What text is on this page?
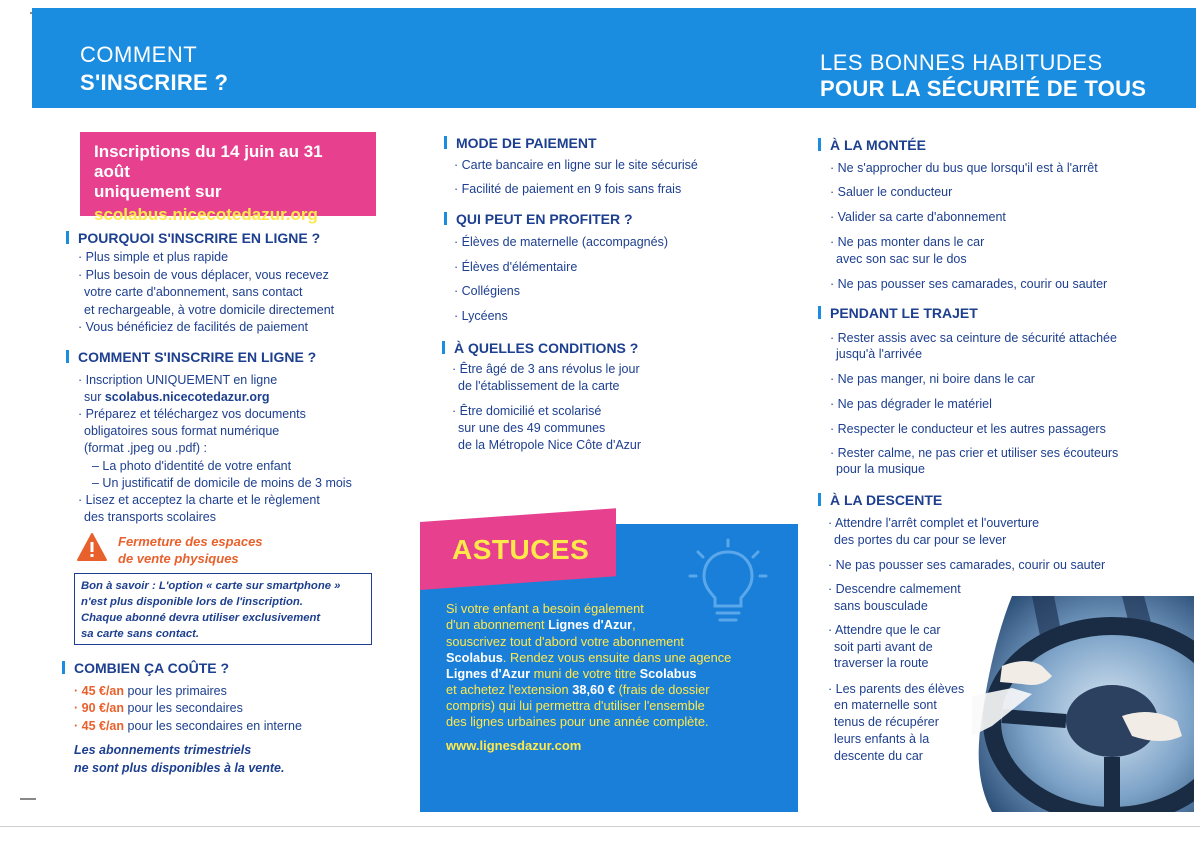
COMMENT
S'INSCRIRE ?
LES BONNES HABITUDES
POUR LA SÉCURITÉ DE TOUS
Inscriptions du 14 juin au 31 août
uniquement sur
scolabus.nicecotedazur.org
POURQUOI S'INSCRIRE EN LIGNE ?
· Plus simple et plus rapide
· Plus besoin de vous déplacer, vous recevez
votre carte d'abonnement, sans contact
et rechargeable, à votre domicile directement
· Vous bénéficiez de facilités de paiement
COMMENT S'INSCRIRE EN LIGNE ?
· Inscription UNIQUEMENT en ligne
sur scolabus.nicecotedazur.org
· Préparez et téléchargez vos documents
obligatoires sous format numérique
(format .jpeg ou .pdf) :
– La photo d'identité de votre enfant
– Un justificatif de domicile de moins de 3 mois
· Lisez et acceptez la charte et le règlement
des transports scolaires
Fermeture des espaces
de vente physiques
Bon à savoir : L'option « carte sur smartphone »
n'est plus disponible lors de l'inscription.
Chaque abonné devra utiliser exclusivement
sa carte sans contact.
COMBIEN ÇA COÛTE ?
· 45 €/an pour les primaires
· 90 €/an pour les secondaires
· 45 €/an pour les secondaires en interne
Les abonnements trimestriels
ne sont plus disponibles à la vente.
MODE DE PAIEMENT
· Carte bancaire en ligne sur le site sécurisé
· Facilité de paiement en 9 fois sans frais
QUI PEUT EN PROFITER ?
· Élèves de maternelle (accompagnés)
· Élèves d'élémentaire
· Collégiens
· Lycéens
À QUELLES CONDITIONS ?
· Être âgé de 3 ans révolus le jour
de l'établissement de la carte
· Être domicilié et scolarisé
sur une des 49 communes
de la Métropole Nice Côte d'Azur
ASTUCES
Si votre enfant a besoin également
d'un abonnement Lignes d'Azur,
souscrivez tout d'abord votre abonnement
Scolabus. Rendez vous ensuite dans une agence
Lignes d'Azur muni de votre titre Scolabus
et achetez l'extension 38,60 € (frais de dossier
compris) qui lui permettra d'utiliser l'ensemble
des lignes urbaines pour une année complète.
www.lignesdazur.com
À LA MONTÉE
· Ne s'approcher du bus que lorsqu'il est à l'arrêt
· Saluer le conducteur
· Valider sa carte d'abonnement
· Ne pas monter dans le car
avec son sac sur le dos
· Ne pas pousser ses camarades, courir ou sauter
PENDANT LE TRAJET
· Rester assis avec sa ceinture de sécurité attachée
jusqu'à l'arrivée
· Ne pas manger, ni boire dans le car
· Ne pas dégrader le matériel
· Respecter le conducteur et les autres passagers
· Rester calme, ne pas crier et utiliser ses écouteurs
pour la musique
À LA DESCENTE
· Attendre l'arrêt complet et l'ouverture
des portes du car pour se lever
· Ne pas pousser ses camarades, courir ou sauter
· Descendre calmement
sans bousculade
· Attendre que le car
soit parti avant de
traverser la route
· Les parents des élèves
en maternelle sont
tenus de récupérer
leurs enfants à la
descente du car
